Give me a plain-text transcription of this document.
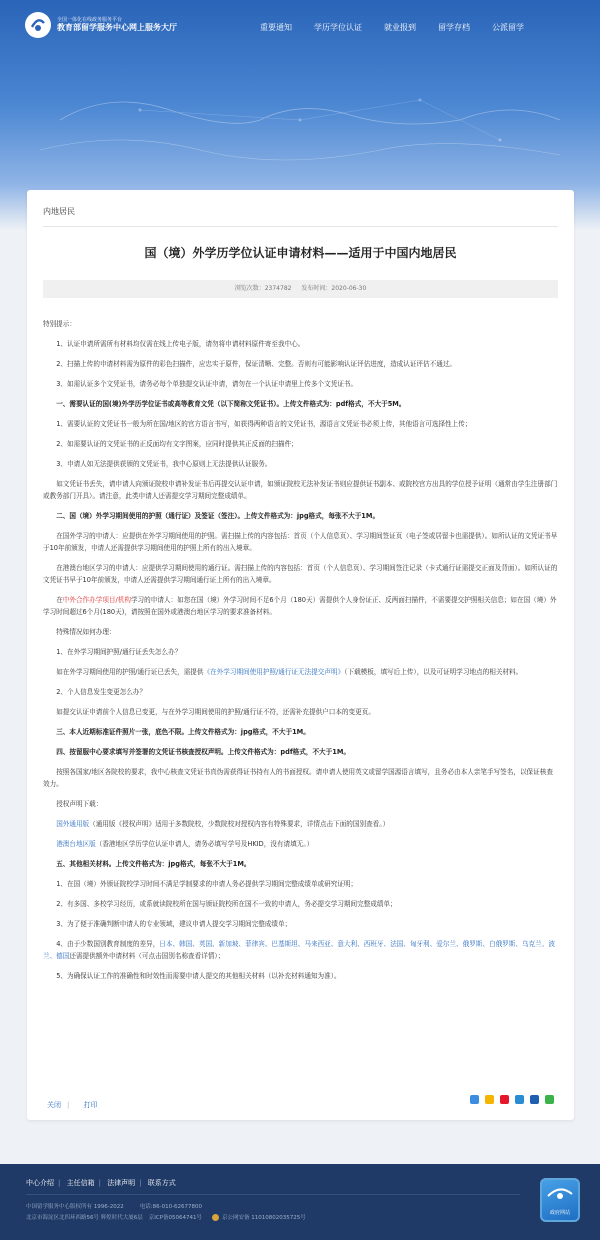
全国一体化在线政务服务平台
教育部留学服务中心网上服务大厅	重要通知	学历学位认证	就业报到	留学存档	公派留学
内地居民
国（境）外学历学位认证申请材料——适用于中国内地居民
浏览次数：2374782 发布时间：2020-06-30

特别提示：

1、认证申请所需所有材料均仅需在线上传电子版，请勿将申请材料原件寄至我中心。

2、扫描上传的申请材料需为原件的彩色扫描件，应忠实于原件，保证清晰、完整。否则有可能影响认证评估进度，造成认证评估不通过。

3、如需认证多个文凭证书，请务必每个单独提交认证申请，请勿在一个认证申请里上传多个文凭证书。

一、需要认证的国(境)外学历学位证书或高等教育文凭（以下简称文凭证书）。上传文件格式为：pdf格式，不大于5M。

1、需要认证的文凭证书一般为所在国/地区的官方语言书写，如获得两种语言的文凭证书，源语言文凭证书必须上传，其他语言可选择性上传；

2、如需要认证的文凭证书的正反面均有文字图案，应同时提供其正反面的扫描件；

3、申请人如无法提供获颁的文凭证书，我中心原则上无法提供认证服务。

如文凭证书丢失，请申请人向颁证院校申请补发证书后再提交认证申请，如颁证院校无法补发证书则应提供证书副本、或院校官方出具的学位授予证明（通常由学生注册部门或教务部门开具）。请注意，此类申请人还需提交学习期间完整成绩单。

二、国（境）外学习期间使用的护照（通行证）及签证（签注）。上传文件格式为：jpg格式，每张不大于1M。

在国外学习的申请人：应提供在外学习期间使用的护照。需扫描上传的内容包括：首页（个人信息页）、学习期间签证页（电子签或居留卡也需提供）。如所认证的文凭证书早于10年前颁发，申请人还需提供学习期间使用的护照上所有的出入境章。

在港澳台地区学习的申请人：应提供学习期间使用的通行证。需扫描上传的内容包括：首页（个人信息页）、学习期间签注记录（卡式通行证需提交正面及背面）。如所认证的文凭证书早于10年前颁发，申请人还需提供学习期间通行证上所有的出入境章。

在中外合作办学项目/机构学习的申请人：如您在国（境）外学习时间不足6个月（180天）需提供个人身份证正、反两面扫描件，不需要提交护照相关信息；如在国（境）外学习时间超过6个月(180天)，请按照在国外或港澳台地区学习的要求准备材料。

特殊情况如何办理：

1、在外学习期间护照/通行证丢失怎么办？

如在外学习期间使用的护照/通行证已丢失，需提供《在外学习期间使用护照/通行证无法提交声明》（下载模板，填写后上传），以及可证明学习地点的相关材料。

2、个人信息发生变更怎么办？

如提交认证申请前个人信息已变更，与在外学习期间使用的护照/通行证不符，还需补充提供户口本的变更页。

三、本人近期标准证件照片一张，底色不限。上传文件格式为：jpg格式，不大于1M。

四、按留服中心要求填写并签署的文凭证书核查授权声明。上传文件格式为：pdf格式，不大于1M。

按照各国家/地区各院校的要求，我中心核查文凭证书真伪需获得证书持有人的书面授权。请申请人使用英文或留学国源语言填写，且务必由本人亲笔手写签名，以保证核查效力。

授权声明下载：

国外通用版（通用版《授权声明》适用于多数院校，少数院校对授权内容有特殊要求，详情点击下面的国别查看。）

港澳台地区版（香港地区学历学位认证申请人，请务必填写学号及HKID，没有请填无。）

五、其他相关材料。上传文件格式为：jpg格式，每张不大于1M。

1、在国（境）外颁证院校学习时间不满足学制要求的申请人务必提供学习期间完整成绩单或研究证明；

2、有多国、多校学习经历，或系就读院校所在国与颁证院校所在国不一致的申请人，务必提交学习期间完整成绩单；

3、为了便于准确判断申请人的专业领域，建议申请人提交学习期间完整成绩单；

4、由于少数国别教育制度的差异，日本、韩国、英国、新加坡、菲律宾、巴基斯坦、马来西亚、意大利、西班牙、法国、匈牙利、爱尔兰、俄罗斯、白俄罗斯、乌克兰、波兰、德国还需提供额外申请材料（可点击国别名称查看详情）；

5、为确保认证工作的准确性和时效性而需要申请人提交的其他相关材料（以补充材料通知为准）。

关闭 | 打印
中心介绍 | 主任信箱 | 法律声明 | 联系方式
中国留学服务中心版权所有 1996-2022	电话:86-010-62677800
北京市海淀区北四环西路56号 辉煌时代大厦6层 京ICP备05064741号	京公网安备 11010802035725号
政府网站
